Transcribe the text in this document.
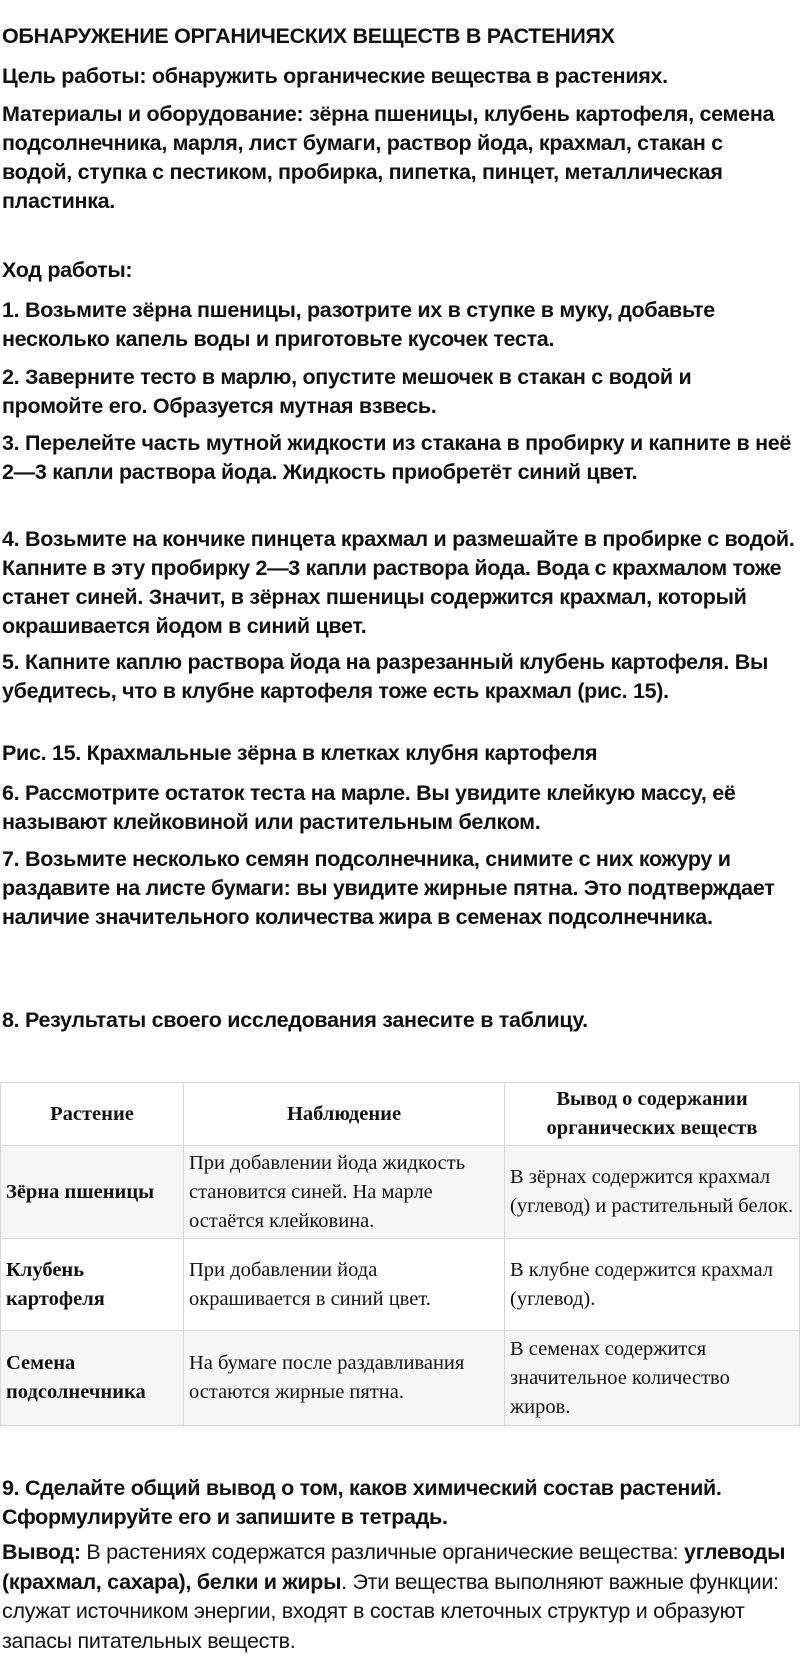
ОБНАРУЖЕНИЕ ОРГАНИЧЕСКИХ ВЕЩЕСТВ В РАСТЕНИЯХ
Цель работы: обнаружить органические вещества в растениях.
Материалы и оборудование: зёрна пшеницы, клубень картофеля, семена подсолнечника, марля, лист бумаги, раствор йода, крахмал, стакан с водой, ступка с пестиком, пробирка, пипетка, пинцет, металлическая пластинка.
Ход работы:
1. Возьмите зёрна пшеницы, разотрите их в ступке в муку, добавьте несколько капель воды и приготовьте кусочек теста.
2. Заверните тесто в марлю, опустите мешочек в стакан с водой и промойте его. Образуется мутная взвесь.
3. Перелейте часть мутной жидкости из стакана в пробирку и капните в неё 2—3 капли раствора йода. Жидкость приобретёт синий цвет.
4. Возьмите на кончике пинцета крахмал и размешайте в пробирке с водой. Капните в эту пробирку 2—3 капли раствора йода. Вода с крахмалом тоже станет синей. Значит, в зёрнах пшеницы содержится крахмал, который окрашивается йодом в синий цвет.
5. Капните каплю раствора йода на разрезанный клубень картофеля. Вы убедитесь, что в клубне картофеля тоже есть крахмал (рис. 15).
Рис. 15. Крахмальные зёрна в клетках клубня картофеля
6. Рассмотрите остаток теста на марле. Вы увидите клейкую массу, её называют клейковиной или растительным белком.
7. Возьмите несколько семян подсолнечника, снимите с них кожуру и раздавите на листе бумаги: вы увидите жирные пятна. Это подтверждает наличие значительного количества жира в семенах подсолнечника.
8. Результаты своего исследования занесите в таблицу.
Растение	Наблюдение	Вывод о содержании органических веществ
Зёрна пшеницы	При добавлении йода жидкость становится синей. На марле остаётся клейковина.	В зёрнах содержится крахмал (углевод) и растительный белок.
Клубень картофеля	При добавлении йода окрашивается в синий цвет.	В клубне содержится крахмал (углевод).
Семена подсолнечника	На бумаге после раздавливания остаются жирные пятна.	В семенах содержится значительное количество жиров.
9. Сделайте общий вывод о том, каков химический состав растений. Сформулируйте его и запишите в тетрадь.
Вывод: В растениях содержатся различные органические вещества: углеводы (крахмал, сахара), белки и жиры. Эти вещества выполняют важные функции: служат источником энергии, входят в состав клеточных структур и образуют запасы питательных веществ.
